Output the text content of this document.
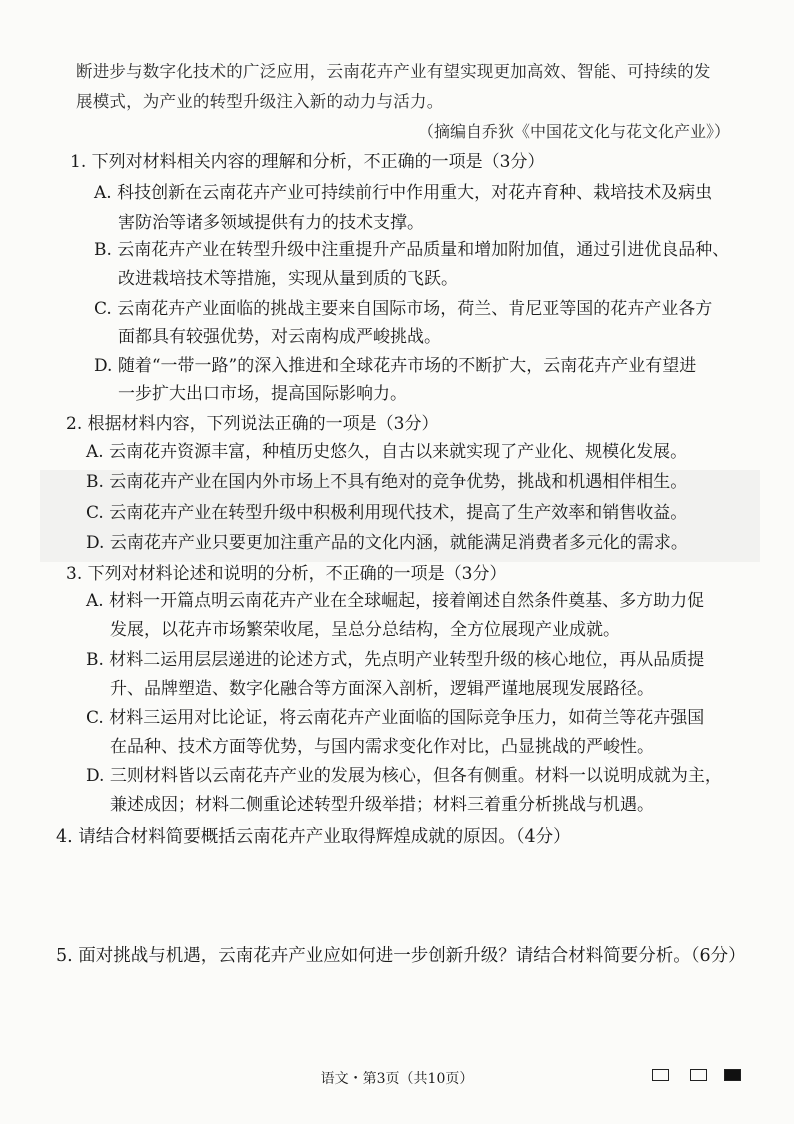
断进步与数字化技术的广泛应用，云南花卉产业有望实现更加高效、智能、可持续的发
展模式，为产业的转型升级注入新的动力与活力。
（摘编自乔狄《中国花文化与花文化产业》）
1. 下列对材料相关内容的理解和分析，不正确的一项是（3分）
A. 科技创新在云南花卉产业可持续前行中作用重大，对花卉育种、栽培技术及病虫
害防治等诸多领域提供有力的技术支撑。
B. 云南花卉产业在转型升级中注重提升产品质量和增加附加值，通过引进优良品种、
改进栽培技术等措施，实现从量到质的飞跃。
C. 云南花卉产业面临的挑战主要来自国际市场，荷兰、肯尼亚等国的花卉产业各方
面都具有较强优势，对云南构成严峻挑战。
D. 随着“一带一路”的深入推进和全球花卉市场的不断扩大，云南花卉产业有望进
一步扩大出口市场，提高国际影响力。
2. 根据材料内容，下列说法正确的一项是（3分）
A. 云南花卉资源丰富，种植历史悠久，自古以来就实现了产业化、规模化发展。
B. 云南花卉产业在国内外市场上不具有绝对的竞争优势，挑战和机遇相伴相生。
C. 云南花卉产业在转型升级中积极利用现代技术，提高了生产效率和销售收益。
D. 云南花卉产业只要更加注重产品的文化内涵，就能满足消费者多元化的需求。
3. 下列对材料论述和说明的分析，不正确的一项是（3分）
A. 材料一开篇点明云南花卉产业在全球崛起，接着阐述自然条件奠基、多方助力促
发展，以花卉市场繁荣收尾，呈总分总结构，全方位展现产业成就。
B. 材料二运用层层递进的论述方式，先点明产业转型升级的核心地位，再从品质提
升、品牌塑造、数字化融合等方面深入剖析，逻辑严谨地展现发展路径。
C. 材料三运用对比论证，将云南花卉产业面临的国际竞争压力，如荷兰等花卉强国
在品种、技术方面等优势，与国内需求变化作对比，凸显挑战的严峻性。
D. 三则材料皆以云南花卉产业的发展为核心，但各有侧重。材料一以说明成就为主，
兼述成因；材料二侧重论述转型升级举措；材料三着重分析挑战与机遇。
4. 请结合材料简要概括云南花卉产业取得辉煌成就的原因。（4分）
5. 面对挑战与机遇，云南花卉产业应如何进一步创新升级？请结合材料简要分析。（6分）
语文・第3页（共10页）
